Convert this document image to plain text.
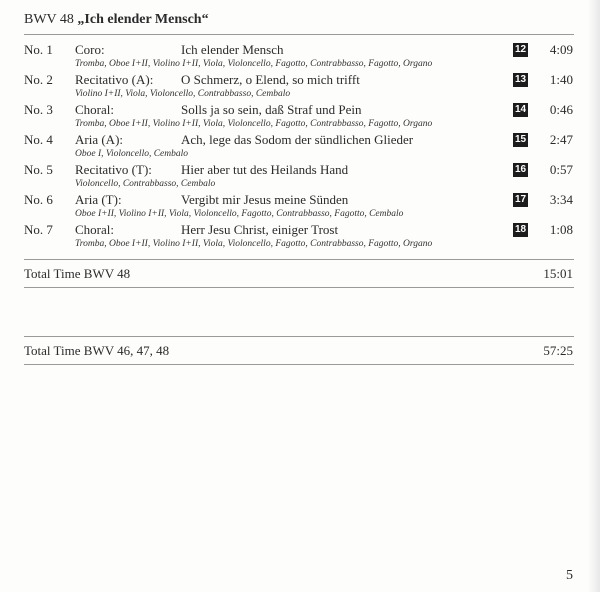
BWV 48 „Ich elender Mensch“
No. 1 Coro:	Ich elender Mensch
Tromba, Oboe I+II, Violino I+II, Viola, Violoncello, Fagotto, Contrabbasso, Fagotto, Organo
12 4:09
No. 2 Recitativo (A): O Schmerz, o Elend, so mich trifft
Violino I+II, Viola, Violoncello, Contrabbasso, Cembalo
13 1:40
No. 3 Choral:	Solls ja so sein, daß Straf und Pein
Tromba, Oboe I+II, Violino I+II, Viola, Violoncello, Fagotto, Contrabbasso, Fagotto, Organo
14 0:46
No. 4 Aria (A):	Ach, lege das Sodom der sündlichen Glieder
Oboe I, Violoncello, Cembalo
15 2:47
No. 5 Recitativo (T): Hier aber tut des Heilands Hand
Violoncello, Contrabbasso, Cembalo
16 0:57
No. 6 Aria (T):	Vergibt mir Jesus meine Sünden
Oboe I+II, Violino I+II, Viola, Violoncello, Fagotto, Contrabbasso, Fagotto, Cembalo
17 3:34
No. 7 Choral:	Herr Jesu Christ, einiger Trost
Tromba, Oboe I+II, Violino I+II, Viola, Violoncello, Fagotto, Contrabbasso, Fagotto, Organo
18 1:08
Total Time BWV 48	15:01
Total Time BWV 46, 47, 48	57:25
5
